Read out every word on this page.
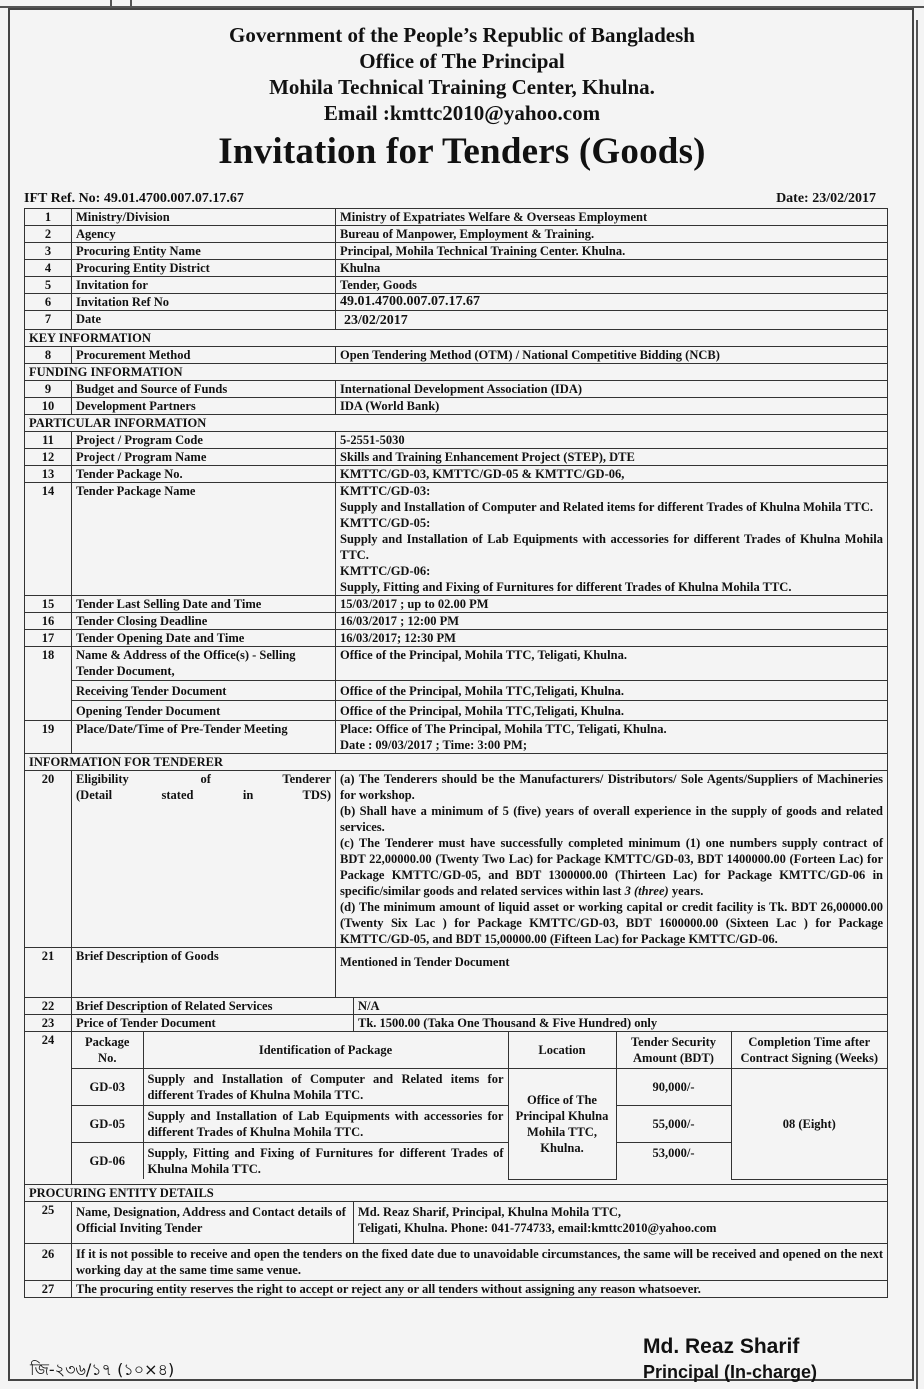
Government of the People’s Republic of Bangladesh
Office of The Principal
Mohila Technical Training Center, Khulna.
Email :kmttc2010@yahoo.com
Invitation for Tenders (Goods)
IFT Ref. No: 49.01.4700.007.07.17.67	Date: 23/02/2017
1	Ministry/Division	Ministry of Expatriates Welfare & Overseas Employment
2	Agency	Bureau of Manpower, Employment & Training.
3	Procuring Entity Name	Principal, Mohila Technical Training Center. Khulna.
4	Procuring Entity District	Khulna
5	Invitation for	Tender, Goods
6	Invitation Ref No	49.01.4700.007.07.17.67
7	Date	23/02/2017
KEY INFORMATION
8	Procurement Method	Open Tendering Method (OTM) / National Competitive Bidding (NCB)
FUNDING INFORMATION
9	Budget and Source of Funds	International Development Association (IDA)
10	Development Partners	IDA (World Bank)
PARTICULAR INFORMATION
11	Project / Program Code	5-2551-5030
12	Project / Program Name	Skills and Training Enhancement Project (STEP), DTE
13	Tender Package No.	KMTTC/GD-03, KMTTC/GD-05 & KMTTC/GD-06,
14	Tender Package Name	KMTTC/GD-03:
Supply and Installation of Computer and Related items for different Trades of Khulna Mohila TTC.
KMTTC/GD-05:
Supply and Installation of Lab Equipments with accessories for different Trades of Khulna Mohila TTC.
KMTTC/GD-06:
Supply, Fitting and Fixing of Furnitures for different Trades of Khulna Mohila TTC.

15	Tender Last Selling Date and Time	15/03/2017 ; up to 02.00 PM
16	Tender Closing Deadline	16/03/2017 ; 12:00 PM
17	Tender Opening Date and Time	16/03/2017; 12:30 PM
18	Name & Address of the Office(s) - Selling Tender Document,	Office of the Principal, Mohila TTC, Teligati, Khulna.
Receiving Tender Document	Office of the Principal, Mohila TTC,Teligati, Khulna.
Opening Tender Document	Office of the Principal, Mohila TTC,Teligati, Khulna.
19	Place/Date/Time of Pre-Tender Meeting	Place: Office of The Principal, Mohila TTC, Teligati, Khulna.
Date : 09/03/2017 ; Time: 3:00 PM;

INFORMATION FOR TENDERER
20	Eligibility of Tenderer
(Detail stated in TDS)

(a) The Tenderers should be the Manufacturers/ Distributors/ Sole Agents/Suppliers of Machineries for workshop.
(b) Shall have a minimum of 5 (five) years of overall experience in the supply of goods and related services.
(c) The Tenderer must have successfully completed minimum (1) one numbers supply contract of BDT 22,00000.00 (Twenty Two Lac) for Package KMTTC/GD-03, BDT 1400000.00 (Forteen Lac) for Package KMTTC/GD-05, and BDT 1300000.00 (Thirteen Lac) for Package KMTTC/GD-06 in specific/similar goods and related services within last 3 (three) years.
(d) The minimum amount of liquid asset or working capital or credit facility is Tk. BDT 26,00000.00 (Twenty Six Lac ) for Package KMTTC/GD-03, BDT 1600000.00 (Sixteen Lac ) for Package KMTTC/GD-05, and BDT 15,00000.00 (Fifteen Lac) for Package KMTTC/GD-06.

21	Brief Description of Goods	Mentioned in Tender Document
22	Brief Description of Related Services	N/A
23	Price of Tender Document	Tk. 1500.00 (Taka One Thousand & Five Hundred) only
24	Package No.	Identification of Package	Location	Tender Security Amount (BDT)	Completion Time after Contract Signing (Weeks)
GD-03	Supply and Installation of Computer and Related items for different Trades of Khulna Mohila TTC.	Office of The Principal Khulna Mohila TTC, Khulna.	90,000/-	08 (Eight)
GD-05	Supply and Installation of Lab Equipments with accessories for different Trades of Khulna Mohila TTC.	55,000/-
GD-06	Supply, Fitting and Fixing of Furnitures for different Trades of Khulna Mohila TTC.	53,000/-

PROCURING ENTITY DETAILS
25	Name, Designation, Address and Contact details of Official Inviting Tender	
Md. Reaz Sharif, Principal, Khulna Mohila TTC,
Teligati, Khulna. Phone: 041-774733, email:kmttc2010@yahoo.com

26	If it is not possible to receive and open the tenders on the fixed date due to unavoidable circumstances, the same will be received and opened on the next working day at the same time same venue.
27	The procuring entity reserves the right to accept or reject any or all tenders without assigning any reason whatsoever.
Md. Reaz Sharif
Principal (In-charge)
জি-২৩৬/১৭ (১০×৪)
